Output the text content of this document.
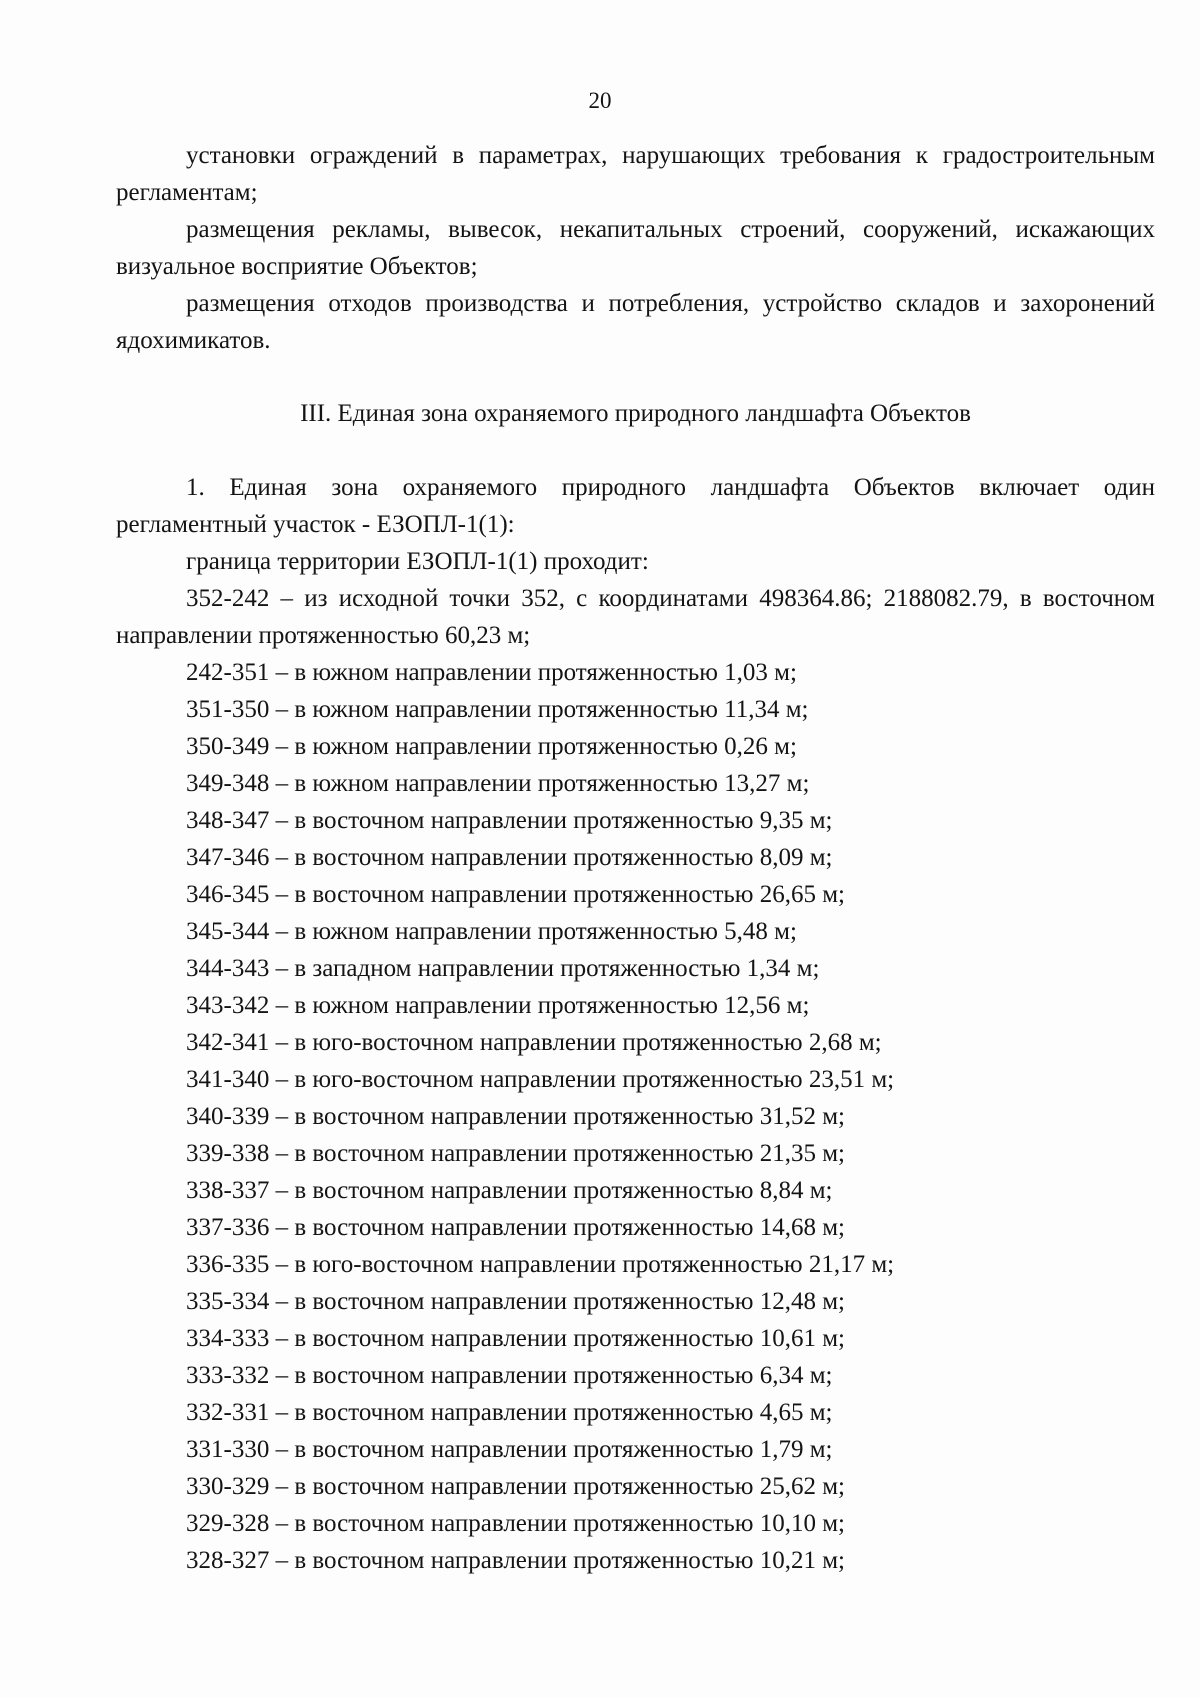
20

установки ограждений в параметрах, нарушающих требования к градостроительным регламентам;

размещения рекламы, вывесок, некапитальных строений, сооружений, искажающих визуальное восприятие Объектов;

размещения отходов производства и потребления, устройство складов и захоронений ядохимикатов.

III. Единая зона охраняемого природного ландшафта Объектов

1. Единая зона охраняемого природного ландшафта Объектов включает один регламентный участок - ЕЗОПЛ-1(1):

граница территории ЕЗОПЛ-1(1) проходит:

352-242 – из исходной точки 352, с координатами 498364.86; 2188082.79, в восточном направлении протяженностью 60,23 м;

242-351 – в южном направлении протяженностью 1,03 м;

351-350 – в южном направлении протяженностью 11,34 м;

350-349 – в южном направлении протяженностью 0,26 м;

349-348 – в южном направлении протяженностью 13,27 м;

348-347 – в восточном направлении протяженностью 9,35 м;

347-346 – в восточном направлении протяженностью 8,09 м;

346-345 – в восточном направлении протяженностью 26,65 м;

345-344 – в южном направлении протяженностью 5,48 м;

344-343 – в западном направлении протяженностью 1,34 м;

343-342 – в южном направлении протяженностью 12,56 м;

342-341 – в юго-восточном направлении протяженностью 2,68 м;

341-340 – в юго-восточном направлении протяженностью 23,51 м;

340-339 – в восточном направлении протяженностью 31,52 м;

339-338 – в восточном направлении протяженностью 21,35 м;

338-337 – в восточном направлении протяженностью 8,84 м;

337-336 – в восточном направлении протяженностью 14,68 м;

336-335 – в юго-восточном направлении протяженностью 21,17 м;

335-334 – в восточном направлении протяженностью 12,48 м;

334-333 – в восточном направлении протяженностью 10,61 м;

333-332 – в восточном направлении протяженностью 6,34 м;

332-331 – в восточном направлении протяженностью 4,65 м;

331-330 – в восточном направлении протяженностью 1,79 м;

330-329 – в восточном направлении протяженностью 25,62 м;

329-328 – в восточном направлении протяженностью 10,10 м;

328-327 – в восточном направлении протяженностью 10,21 м;
